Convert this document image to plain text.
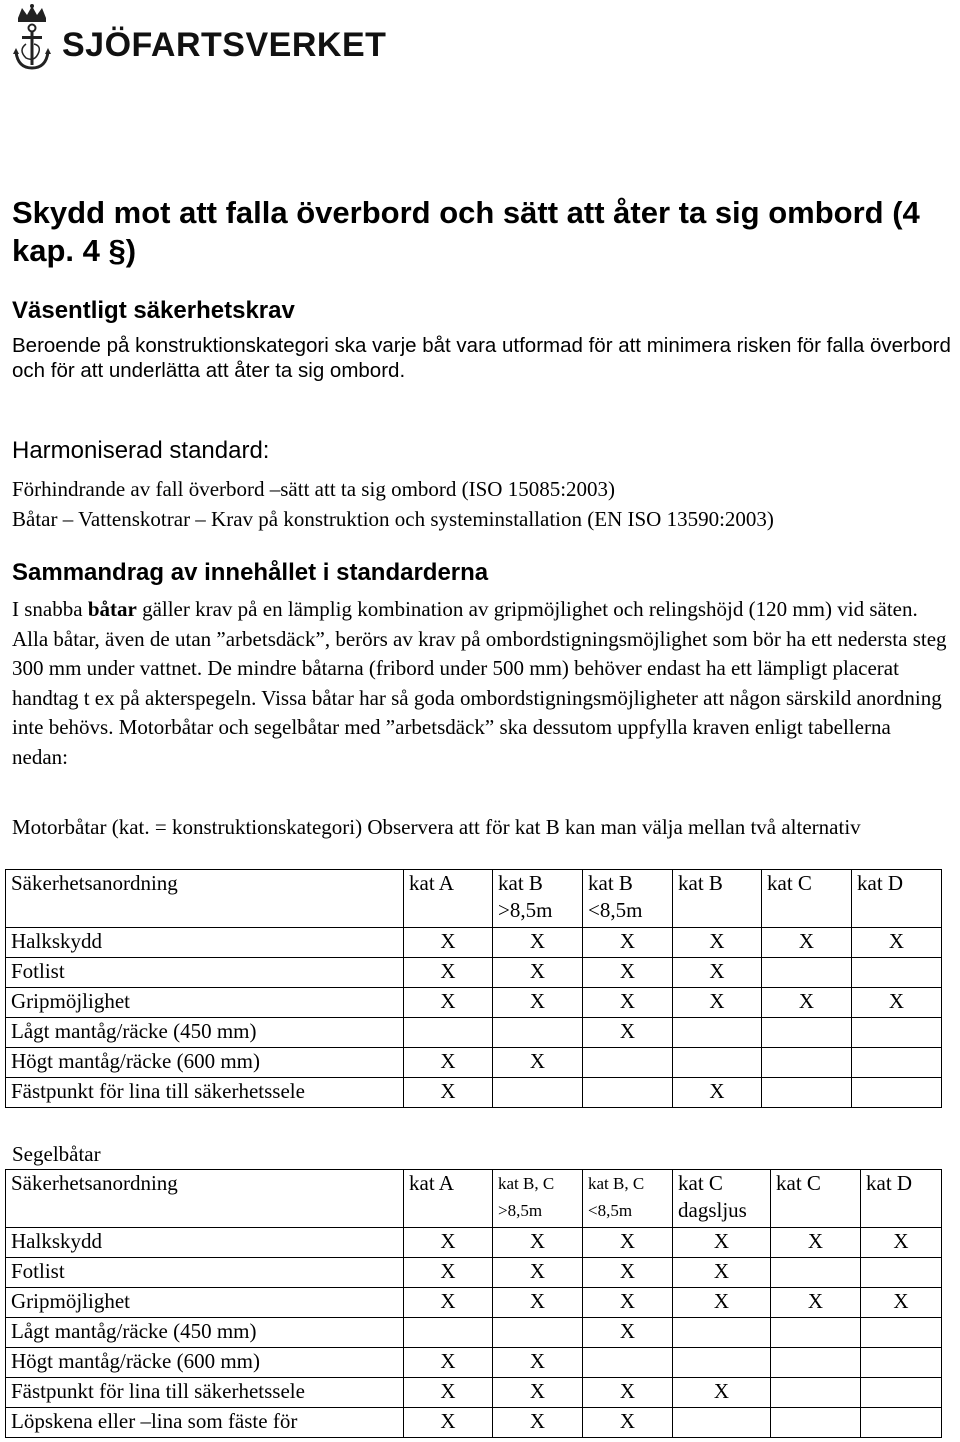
SJÖFARTSVERKET
Skydd mot att falla överbord och sätt att åter ta sig ombord (4 kap. 4 §)
Väsentligt säkerhetskrav
Beroende på konstruktionskategori ska varje båt vara utformad för att minimera risken för falla överbord och för att underlätta att åter ta sig ombord.
Harmoniserad standard:
Förhindrande av fall överbord –sätt att ta sig ombord (ISO 15085:2003)
Båtar – Vattenskotrar – Krav på konstruktion och systeminstallation (EN ISO 13590:2003)
Sammandrag av innehållet i standarderna
I snabba båtar gäller krav på en lämplig kombination av gripmöjlighet och relingshöjd (120 mm) vid säten. Alla båtar, även de utan ”arbetsdäck”, berörs av krav på ombordstigningsmöjlighet som bör ha ett nedersta steg 300 mm under vattnet. De mindre båtarna (fribord under 500 mm) behöver endast ha ett lämpligt placerat handtag t ex på akterspegeln. Vissa båtar har så goda ombordstigningsmöjligheter att någon särskild anordning inte behövs. Motorbåtar och segelbåtar med ”arbetsdäck” ska dessutom uppfylla kraven enligt tabellerna nedan:
Motorbåtar (kat. = konstruktionskategori) Observera att för kat B kan man välja mellan två alternativ
Säkerhetsanordning	kat A	kat B >8,5m	kat B <8,5m	kat B	kat C	kat D
Halkskydd	X	X	X	X	X	X
Fotlist	X	X	X	X		
Gripmöjlighet	X	X	X	X	X	X
Lågt mantåg/räcke (450 mm)			X			
Högt mantåg/räcke (600 mm)	X	X				
Fästpunkt för lina till säkerhetssele	X			X		
Segelbåtar
Säkerhetsanordning	kat A	kat B, C >8,5m	kat B, C <8,5m	kat C dagsljus	kat C	kat D
Halkskydd	X	X	X	X	X	X
Fotlist	X	X	X	X		
Gripmöjlighet	X	X	X	X	X	X
Lågt mantåg/räcke (450 mm)			X			
Högt mantåg/räcke (600 mm)	X	X				
Fästpunkt för lina till säkerhetssele	X	X	X	X		
Löpskena eller –lina som fäste för	X	X	X			
